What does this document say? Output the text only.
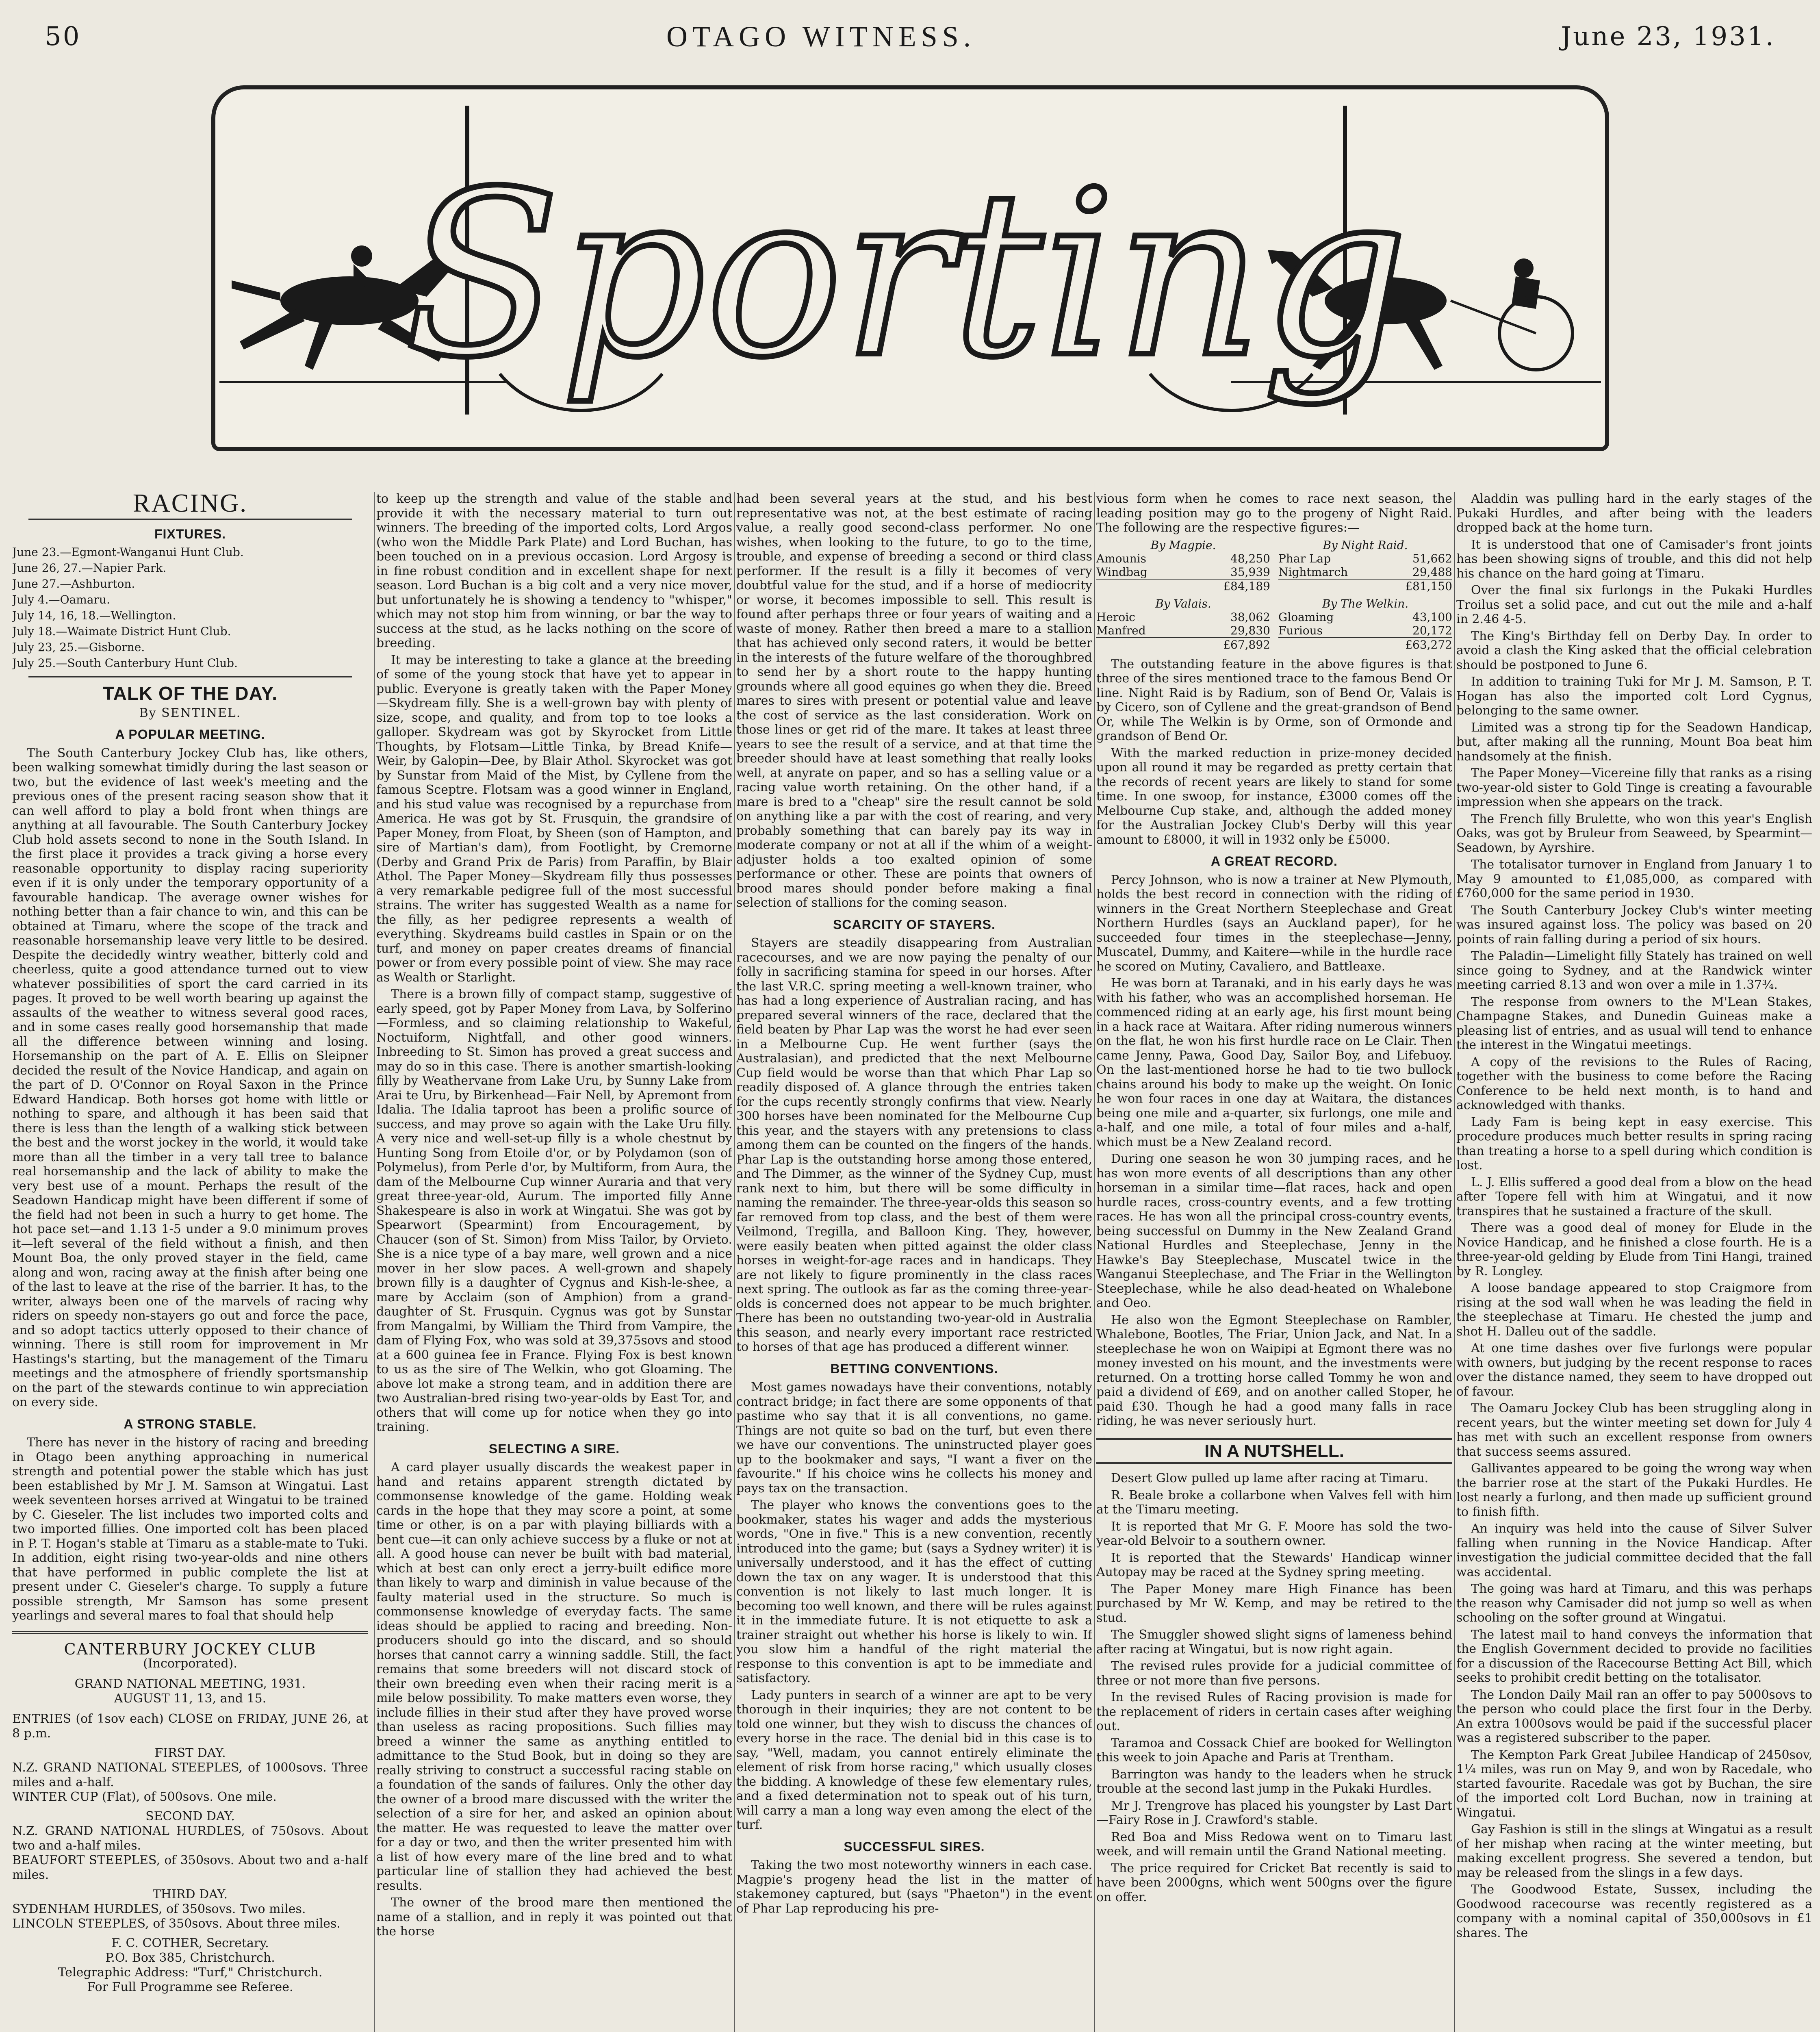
50	OTAGO WITNESS.	June 23, 1931.
Sporting
RACING.
FIXTURES.

June 23.—Egmont-Wanganui Hunt Club.

June 26, 27.—Napier Park.

June 27.—Ashburton.

July 4.—Oamaru.

July 14, 16, 18.—Wellington.

July 18.—Waimate District Hunt Club.

July 23, 25.—Gisborne.

July 25.—South Canterbury Hunt Club.

TALK OF THE DAY.
By SENTINEL.
A POPULAR MEETING.

The South Canterbury Jockey Club has, like others, been walking somewhat timidly during the last season or two, but the evidence of last week's meeting and the previous ones of the present racing season show that it can well afford to play a bold front when things are anything at all favourable. The South Canterbury Jockey Club hold assets second to none in the South Island. In the first place it provides a track giving a horse every reasonable opportunity to display racing superiority even if it is only under the temporary opportunity of a favourable handicap. The average owner wishes for nothing better than a fair chance to win, and this can be obtained at Timaru, where the scope of the track and reasonable horsemanship leave very little to be desired. Despite the decidedly wintry weather, bitterly cold and cheerless, quite a good attendance turned out to view whatever possibilities of sport the card carried in its pages. It proved to be well worth bearing up against the assaults of the weather to witness several good races, and in some cases really good horsemanship that made all the difference between winning and losing. Horsemanship on the part of A. E. Ellis on Sleipner decided the result of the Novice Handicap, and again on the part of D. O'Connor on Royal Saxon in the Prince Edward Handicap. Both horses got home with little or nothing to spare, and although it has been said that there is less than the length of a walking stick between the best and the worst jockey in the world, it would take more than all the timber in a very tall tree to balance real horsemanship and the lack of ability to make the very best use of a mount. Perhaps the result of the Seadown Handicap might have been different if some of the field had not been in such a hurry to get home. The hot pace set—and 1.13 1-5 under a 9.0 minimum proves it—left several of the field without a finish, and then Mount Boa, the only proved stayer in the field, came along and won, racing away at the finish after being one of the last to leave at the rise of the barrier. It has, to the writer, always been one of the marvels of racing why riders on speedy non-stayers go out and force the pace, and so adopt tactics utterly opposed to their chance of winning. There is still room for improvement in Mr Hastings's starting, but the management of the Timaru meetings and the atmosphere of friendly sportsmanship on the part of the stewards continue to win appreciation on every side.

A STRONG STABLE.

There has never in the history of racing and breeding in Otago been anything approaching in numerical strength and potential power the stable which has just been established by Mr J. M. Samson at Wingatui. Last week seventeen horses arrived at Wingatui to be trained by C. Gieseler. The list includes two imported colts and two imported fillies. One imported colt has been placed in P. T. Hogan's stable at Timaru as a stable-mate to Tuki. In addition, eight rising two-year-olds and nine others that have performed in public complete the list at present under C. Gieseler's charge. To supply a future possible strength, Mr Samson has some present yearlings and several mares to foal that should help

CANTERBURY JOCKEY CLUB

(Incorporated).

GRAND NATIONAL MEETING, 1931.

AUGUST 11, 13, and 15.

ENTRIES (of 1sov each) CLOSE on FRIDAY, JUNE 26, at 8 p.m.

FIRST DAY.

N.Z. GRAND NATIONAL STEEPLES, of 1000sovs. Three miles and a-half.

WINTER CUP (Flat), of 500sovs. One mile.

SECOND DAY.

N.Z. GRAND NATIONAL HURDLES, of 750sovs. About two and a-half miles.

BEAUFORT STEEPLES, of 350sovs. About two and a-half miles.

THIRD DAY.

SYDENHAM HURDLES, of 350sovs. Two miles.

LINCOLN STEEPLES, of 350sovs. About three miles.

F. C. COTHER, Secretary.

P.O. Box 385, Christchurch.

Telegraphic Address: "Turf," Christchurch.

For Full Programme see Referee.

to keep up the strength and value of the stable and provide it with the necessary material to turn out winners. The breeding of the imported colts, Lord Argos (who won the Middle Park Plate) and Lord Buchan, has been touched on in a previous occasion. Lord Argosy is in fine robust condition and in excellent shape for next season. Lord Buchan is a big colt and a very nice mover, but unfortunately he is showing a tendency to "whisper," which may not stop him from winning, or bar the way to success at the stud, as he lacks nothing on the score of breeding.

It may be interesting to take a glance at the breeding of some of the young stock that have yet to appear in public. Everyone is greatly taken with the Paper Money—Skydream filly. She is a well-grown bay with plenty of size, scope, and quality, and from top to toe looks a galloper. Skydream was got by Skyrocket from Little Thoughts, by Flotsam—Little Tinka, by Bread Knife—Weir, by Galopin—Dee, by Blair Athol. Skyrocket was got by Sunstar from Maid of the Mist, by Cyllene from the famous Sceptre. Flotsam was a good winner in England, and his stud value was recognised by a repurchase from America. He was got by St. Frusquin, the grandsire of Paper Money, from Float, by Sheen (son of Hampton, and sire of Martian's dam), from Footlight, by Cremorne (Derby and Grand Prix de Paris) from Paraffin, by Blair Athol. The Paper Money—Skydream filly thus possesses a very remarkable pedigree full of the most successful strains. The writer has suggested Wealth as a name for the filly, as her pedigree represents a wealth of everything. Skydreams build castles in Spain or on the turf, and money on paper creates dreams of financial power or from every possible point of view. She may race as Wealth or Starlight.

There is a brown filly of compact stamp, suggestive of early speed, got by Paper Money from Lava, by Solferino—Formless, and so claiming relationship to Wakeful, Noctuiform, Nightfall, and other good winners. Inbreeding to St. Simon has proved a great success and may do so in this case. There is another smartish-looking filly by Weathervane from Lake Uru, by Sunny Lake from Arai te Uru, by Birkenhead—Fair Nell, by Apremont from Idalia. The Idalia taproot has been a prolific source of success, and may prove so again with the Lake Uru filly. A very nice and well-set-up filly is a whole chestnut by Hunting Song from Etoile d'or, or by Polydamon (son of Polymelus), from Perle d'or, by Multiform, from Aura, the dam of the Melbourne Cup winner Auraria and that very great three-year-old, Aurum. The imported filly Anne Shakespeare is also in work at Wingatui. She was got by Spearwort (Spearmint) from Encouragement, by Chaucer (son of St. Simon) from Miss Tailor, by Orvieto. She is a nice type of a bay mare, well grown and a nice mover in her slow paces. A well-grown and shapely brown filly is a daughter of Cygnus and Kish-le-shee, a mare by Acclaim (son of Amphion) from a grand-daughter of St. Frusquin. Cygnus was got by Sunstar from Mangalmi, by William the Third from Vampire, the dam of Flying Fox, who was sold at 39,375sovs and stood at a 600 guinea fee in France. Flying Fox is best known to us as the sire of The Welkin, who got Gloaming. The above lot make a strong team, and in addition there are two Australian-bred rising two-year-olds by East Tor, and others that will come up for notice when they go into training.

SELECTING A SIRE.

A card player usually discards the weakest paper in hand and retains apparent strength dictated by commonsense knowledge of the game. Holding weak cards in the hope that they may score a point, at some time or other, is on a par with playing billiards with a bent cue—it can only achieve success by a fluke or not at all. A good house can never be built with bad material, which at best can only erect a jerry-built edifice more than likely to warp and diminish in value because of the faulty material used in the structure. So much is commonsense knowledge of everyday facts. The same ideas should be applied to racing and breeding. Non-producers should go into the discard, and so should horses that cannot carry a winning saddle. Still, the fact remains that some breeders will not discard stock of their own breeding even when their racing merit is a mile below possibility. To make matters even worse, they include fillies in their stud after they have proved worse than useless as racing propositions. Such fillies may breed a winner the same as anything entitled to admittance to the Stud Book, but in doing so they are really striving to construct a successful racing stable on a foundation of the sands of failures. Only the other day the owner of a brood mare discussed with the writer the selection of a sire for her, and asked an opinion about the matter. He was requested to leave the matter over for a day or two, and then the writer presented him with a list of how every mare of the line bred and to what particular line of stallion they had achieved the best results.

The owner of the brood mare then mentioned the name of a stallion, and in reply it was pointed out that the horse

had been several years at the stud, and his best representative was not, at the best estimate of racing value, a really good second-class performer. No one wishes, when looking to the future, to go to the time, trouble, and expense of breeding a second or third class performer. If the result is a filly it becomes of very doubtful value for the stud, and if a horse of mediocrity or worse, it becomes impossible to sell. This result is found after perhaps three or four years of waiting and a waste of money. Rather then breed a mare to a stallion that has achieved only second raters, it would be better in the interests of the future welfare of the thoroughbred to send her by a short route to the happy hunting grounds where all good equines go when they die. Breed mares to sires with present or potential value and leave the cost of service as the last consideration. Work on those lines or get rid of the mare. It takes at least three years to see the result of a service, and at that time the breeder should have at least something that really looks well, at anyrate on paper, and so has a selling value or a racing value worth retaining. On the other hand, if a mare is bred to a "cheap" sire the result cannot be sold on anything like a par with the cost of rearing, and very probably something that can barely pay its way in moderate company or not at all if the whim of a weight-adjuster holds a too exalted opinion of some performance or other. These are points that owners of brood mares should ponder before making a final selection of stallions for the coming season.

SCARCITY OF STAYERS.

Stayers are steadily disappearing from Australian racecourses, and we are now paying the penalty of our folly in sacrificing stamina for speed in our horses. After the last V.R.C. spring meeting a well-known trainer, who has had a long experience of Australian racing, and has prepared several winners of the race, declared that the field beaten by Phar Lap was the worst he had ever seen in a Melbourne Cup. He went further (says the Australasian), and predicted that the next Melbourne Cup field would be worse than that which Phar Lap so readily disposed of. A glance through the entries taken for the cups recently strongly confirms that view. Nearly 300 horses have been nominated for the Melbourne Cup this year, and the stayers with any pretensions to class among them can be counted on the fingers of the hands. Phar Lap is the outstanding horse among those entered, and The Dimmer, as the winner of the Sydney Cup, must rank next to him, but there will be some difficulty in naming the remainder. The three-year-olds this season so far removed from top class, and the best of them were Veilmond, Tregilla, and Balloon King. They, however, were easily beaten when pitted against the older class horses in weight-for-age races and in handicaps. They are not likely to figure prominently in the class races next spring. The outlook as far as the coming three-year-olds is concerned does not appear to be much brighter. There has been no outstanding two-year-old in Australia this season, and nearly every important race restricted to horses of that age has produced a different winner.

BETTING CONVENTIONS.

Most games nowadays have their conventions, notably contract bridge; in fact there are some opponents of that pastime who say that it is all conventions, no game. Things are not quite so bad on the turf, but even there we have our conventions. The uninstructed player goes up to the bookmaker and says, "I want a fiver on the favourite." If his choice wins he collects his money and pays tax on the transaction.

The player who knows the conventions goes to the bookmaker, states his wager and adds the mysterious words, "One in five." This is a new convention, recently introduced into the game; but (says a Sydney writer) it is universally understood, and it has the effect of cutting down the tax on any wager. It is understood that this convention is not likely to last much longer. It is becoming too well known, and there will be rules against it in the immediate future. It is not etiquette to ask a trainer straight out whether his horse is likely to win. If you slow him a handful of the right material the response to this convention is apt to be immediate and satisfactory.

Lady punters in search of a winner are apt to be very thorough in their inquiries; they are not content to be told one winner, but they wish to discuss the chances of every horse in the race. The denial bid in this case is to say, "Well, madam, you cannot entirely eliminate the element of risk from horse racing," which usually closes the bidding. A knowledge of these few elementary rules, and a fixed determination not to speak out of his turn, will carry a man a long way even among the elect of the turf.

SUCCESSFUL SIRES.

Taking the two most noteworthy winners in each case. Magpie's progeny head the list in the matter of stakemoney captured, but (says "Phaeton") in the event of Phar Lap reproducing his pre-

vious form when he comes to race next season, the leading position may go to the progeny of Night Raid. The following are the respective figures:—

By Magpie.	By Night Raid.
Amounis	48,250
Windbag	35,939
£84,189
Phar Lap	51,662
Nightmarch	29,488
£81,150
By Valais.	By The Welkin.
Heroic	38,062
Manfred	29,830
£67,892
Gloaming	43,100
Furious	20,172
£63,272

The outstanding feature in the above figures is that three of the sires mentioned trace to the famous Bend Or line. Night Raid is by Radium, son of Bend Or, Valais is by Cicero, son of Cyllene and the great-grandson of Bend Or, while The Welkin is by Orme, son of Ormonde and grandson of Bend Or.

With the marked reduction in prize-money decided upon all round it may be regarded as pretty certain that the records of recent years are likely to stand for some time. In one swoop, for instance, £3000 comes off the Melbourne Cup stake, and, although the added money for the Australian Jockey Club's Derby will this year amount to £8000, it will in 1932 only be £5000.

A GREAT RECORD.

Percy Johnson, who is now a trainer at New Plymouth, holds the best record in connection with the riding of winners in the Great Northern Steeplechase and Great Northern Hurdles (says an Auckland paper), for he succeeded four times in the steeplechase—Jenny, Muscatel, Dummy, and Kaitere—while in the hurdle race he scored on Mutiny, Cavaliero, and Battleaxe.

He was born at Taranaki, and in his early days he was with his father, who was an accomplished horseman. He commenced riding at an early age, his first mount being in a hack race at Waitara. After riding numerous winners on the flat, he won his first hurdle race on Le Clair. Then came Jenny, Pawa, Good Day, Sailor Boy, and Lifebuoy. On the last-mentioned horse he had to tie two bullock chains around his body to make up the weight. On Ionic he won four races in one day at Waitara, the distances being one mile and a-quarter, six furlongs, one mile and a-half, and one mile, a total of four miles and a-half, which must be a New Zealand record.

During one season he won 30 jumping races, and he has won more events of all descriptions than any other horseman in a similar time—flat races, hack and open hurdle races, cross-country events, and a few trotting races. He has won all the principal cross-country events, being successful on Dummy in the New Zealand Grand National Hurdles and Steeplechase, Jenny in the Hawke's Bay Steeplechase, Muscatel twice in the Wanganui Steeplechase, and The Friar in the Wellington Steeplechase, while he also dead-heated on Whalebone and Oeo.

He also won the Egmont Steeplechase on Rambler, Whalebone, Bootles, The Friar, Union Jack, and Nat. In a steeplechase he won on Waipipi at Egmont there was no money invested on his mount, and the investments were returned. On a trotting horse called Tommy he won and paid a dividend of £69, and on another called Stoper, he paid £30. Though he had a good many falls in race riding, he was never seriously hurt.

IN A NUTSHELL.

Desert Glow pulled up lame after racing at Timaru.

R. Beale broke a collarbone when Valves fell with him at the Timaru meeting.

It is reported that Mr G. F. Moore has sold the two-year-old Belvoir to a southern owner.

It is reported that the Stewards' Handicap winner Autopay may be raced at the Sydney spring meeting.

The Paper Money mare High Finance has been purchased by Mr W. Kemp, and may be retired to the stud.

The Smuggler showed slight signs of lameness behind after racing at Wingatui, but is now right again.

The revised rules provide for a judicial committee of three or not more than five persons.

In the revised Rules of Racing provision is made for the replacement of riders in certain cases after weighing out.

Taramoa and Cossack Chief are booked for Wellington this week to join Apache and Paris at Trentham.

Barrington was handy to the leaders when he struck trouble at the second last jump in the Pukaki Hurdles.

Mr J. Trengrove has placed his youngster by Last Dart—Fairy Rose in J. Crawford's stable.

Red Boa and Miss Redowa went on to Timaru last week, and will remain until the Grand National meeting.

The price required for Cricket Bat recently is said to have been 2000gns, which went 500gns over the figure on offer.

Aladdin was pulling hard in the early stages of the Pukaki Hurdles, and after being with the leaders dropped back at the home turn.

It is understood that one of Camisader's front joints has been showing signs of trouble, and this did not help his chance on the hard going at Timaru.

Over the final six furlongs in the Pukaki Hurdles Troilus set a solid pace, and cut out the mile and a-half in 2.46 4-5.

The King's Birthday fell on Derby Day. In order to avoid a clash the King asked that the official celebration should be postponed to June 6.

In addition to training Tuki for Mr J. M. Samson, P. T. Hogan has also the imported colt Lord Cygnus, belonging to the same owner.

Limited was a strong tip for the Seadown Handicap, but, after making all the running, Mount Boa beat him handsomely at the finish.

The Paper Money—Vicereine filly that ranks as a rising two-year-old sister to Gold Tinge is creating a favourable impression when she appears on the track.

The French filly Brulette, who won this year's English Oaks, was got by Bruleur from Seaweed, by Spearmint—Seadown, by Ayrshire.

The totalisator turnover in England from January 1 to May 9 amounted to £1,085,000, as compared with £760,000 for the same period in 1930.

The South Canterbury Jockey Club's winter meeting was insured against loss. The policy was based on 20 points of rain falling during a period of six hours.

The Paladin—Limelight filly Stately has trained on well since going to Sydney, and at the Randwick winter meeting carried 8.13 and won over a mile in 1.37¾.

The response from owners to the M'Lean Stakes, Champagne Stakes, and Dunedin Guineas make a pleasing list of entries, and as usual will tend to enhance the interest in the Wingatui meetings.

A copy of the revisions to the Rules of Racing, together with the business to come before the Racing Conference to be held next month, is to hand and acknowledged with thanks.

Lady Fam is being kept in easy exercise. This procedure produces much better results in spring racing than treating a horse to a spell during which condition is lost.

L. J. Ellis suffered a good deal from a blow on the head after Topere fell with him at Wingatui, and it now transpires that he sustained a fracture of the skull.

There was a good deal of money for Elude in the Novice Handicap, and he finished a close fourth. He is a three-year-old gelding by Elude from Tini Hangi, trained by R. Longley.

A loose bandage appeared to stop Craigmore from rising at the sod wall when he was leading the field in the steeplechase at Timaru. He chested the jump and shot H. Dalleu out of the saddle.

At one time dashes over five furlongs were popular with owners, but judging by the recent response to races over the distance named, they seem to have dropped out of favour.

The Oamaru Jockey Club has been struggling along in recent years, but the winter meeting set down for July 4 has met with such an excellent response from owners that success seems assured.

Gallivantes appeared to be going the wrong way when the barrier rose at the start of the Pukaki Hurdles. He lost nearly a furlong, and then made up sufficient ground to finish fifth.

An inquiry was held into the cause of Silver Sulver falling when running in the Novice Handicap. After investigation the judicial committee decided that the fall was accidental.

The going was hard at Timaru, and this was perhaps the reason why Camisader did not jump so well as when schooling on the softer ground at Wingatui.

The latest mail to hand conveys the information that the English Government decided to provide no facilities for a discussion of the Racecourse Betting Act Bill, which seeks to prohibit credit betting on the totalisator.

The London Daily Mail ran an offer to pay 5000sovs to the person who could place the first four in the Derby. An extra 1000sovs would be paid if the successful placer was a registered subscriber to the paper.

The Kempton Park Great Jubilee Handicap of 2450sov, 1¼ miles, was run on May 9, and won by Racedale, who started favourite. Racedale was got by Buchan, the sire of the imported colt Lord Buchan, now in training at Wingatui.

Gay Fashion is still in the slings at Wingatui as a result of her mishap when racing at the winter meeting, but making excellent progress. She severed a tendon, but may be released from the slings in a few days.

The Goodwood Estate, Sussex, including the Goodwood racecourse was recently registered as a company with a nominal capital of 350,000sovs in £1 shares. The
